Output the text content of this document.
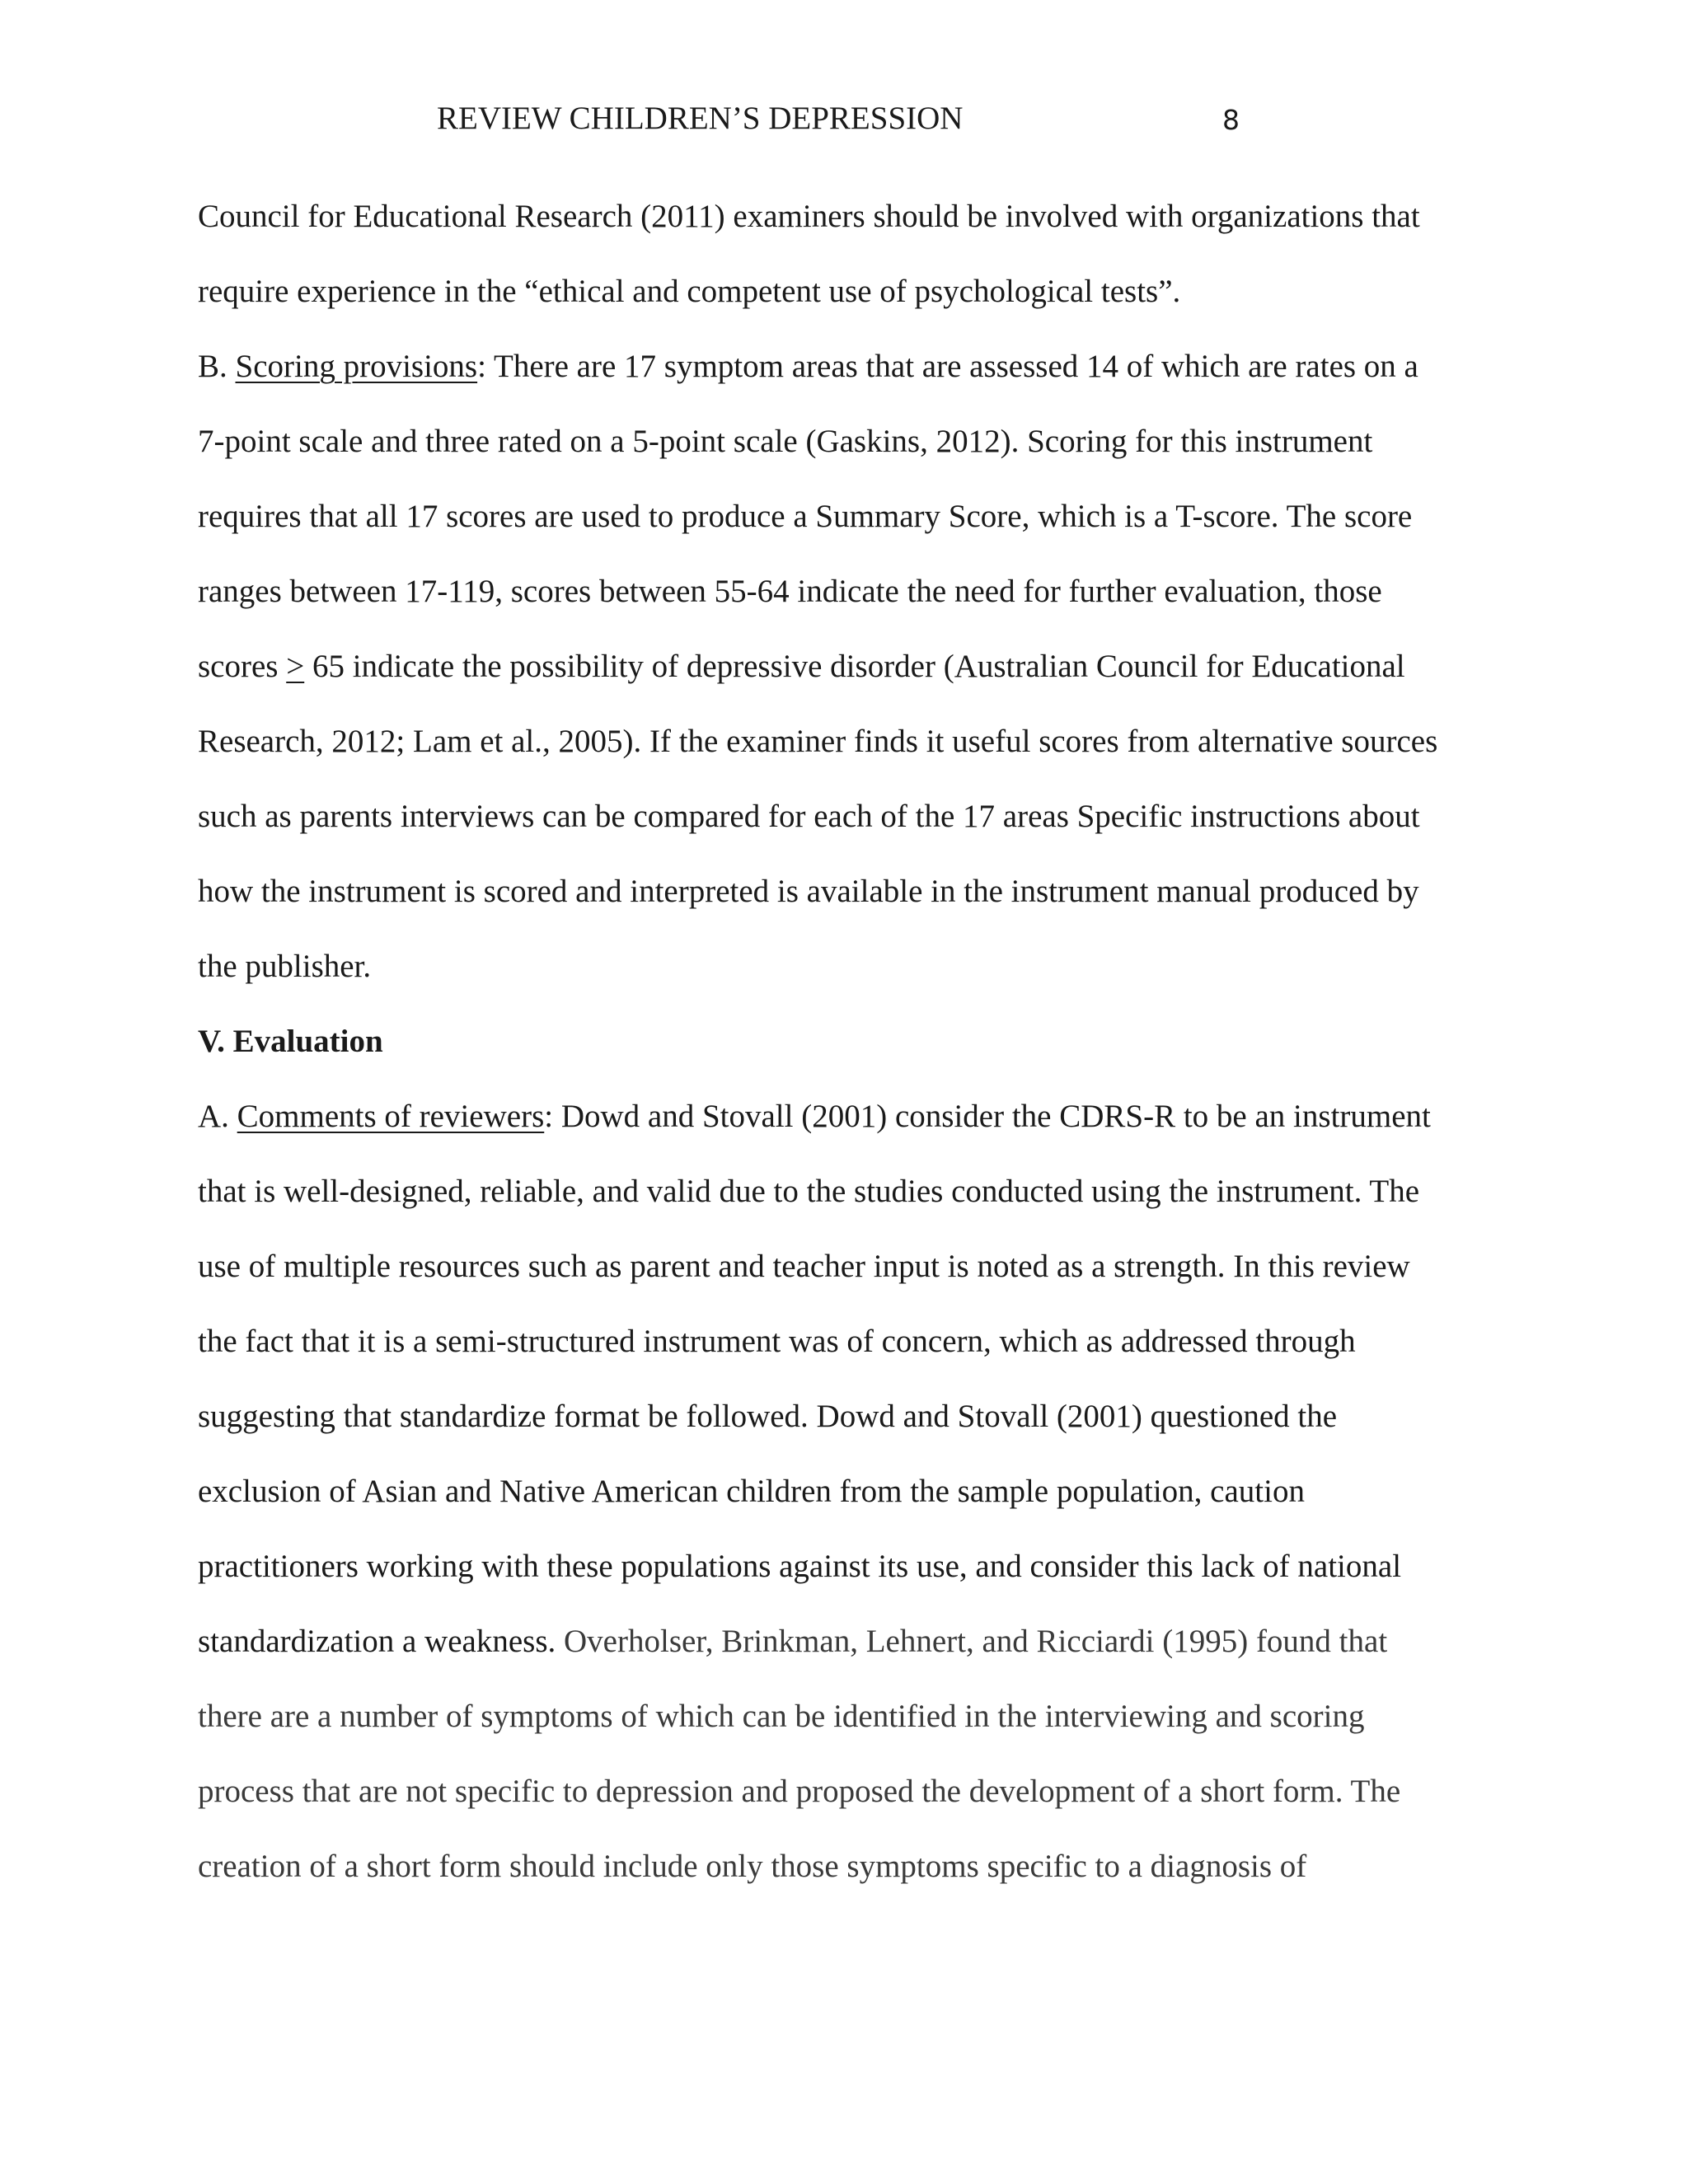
REVIEW CHILDREN’S DEPRESSION	8
Council for Educational Research (2011) examiners should be involved with organizations that
require experience in the “ethical and competent use of psychological tests”.
B. Scoring provisions: There are 17 symptom areas that are assessed 14 of which are rates on a
7-point scale and three rated on a 5-point scale (Gaskins, 2012). Scoring for this instrument
requires that all 17 scores are used to produce a Summary Score, which is a T-score. The score
ranges between 17-119, scores between 55-64 indicate the need for further evaluation, those
scores ≥ 65 indicate the possibility of depressive disorder (Australian Council for Educational
Research, 2012; Lam et al., 2005). If the examiner finds it useful scores from alternative sources
such as parents interviews can be compared for each of the 17 areas Specific instructions about
how the instrument is scored and interpreted is available in the instrument manual produced by
the publisher.
V. Evaluation
A. Comments of reviewers: Dowd and Stovall (2001) consider the CDRS-R to be an instrument
that is well-designed, reliable, and valid due to the studies conducted using the instrument. The
use of multiple resources such as parent and teacher input is noted as a strength. In this review
the fact that it is a semi-structured instrument was of concern, which as addressed through
suggesting that standardize format be followed. Dowd and Stovall (2001) questioned the
exclusion of Asian and Native American children from the sample population, caution
practitioners working with these populations against its use, and consider this lack of national
standardization a weakness. Overholser, Brinkman, Lehnert, and Ricciardi (1995) found that
there are a number of symptoms of which can be identified in the interviewing and scoring
process that are not specific to depression and proposed the development of a short form. The
creation of a short form should include only those symptoms specific to a diagnosis of
